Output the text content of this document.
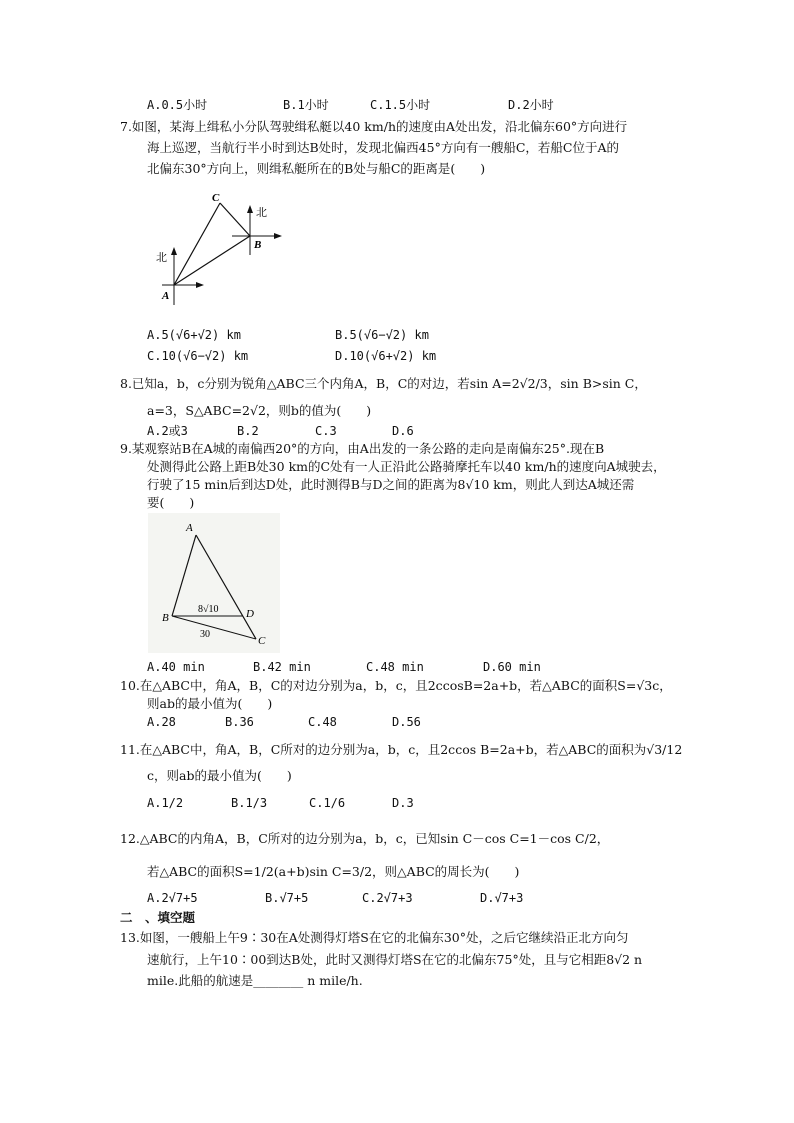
A.0.5小时	B.1小时	C.1.5小时	D.2小时
7.如图，某海上缉私小分队驾驶缉私艇以40 km/h的速度由A处出发，沿北偏东60°方向进行
海上巡逻，当航行半小时到达B处时，发现北偏西45°方向有一艘船C，若船C位于A的
北偏东30°方向上，则缉私艇所在的B处与船C的距离是(　　)
C
B
A
北
北
A.5(√6+√2) km	B.5(√6−√2) km
C.10(√6−√2) km	D.10(√6+√2) km
8.已知a，b，c分别为锐角△ABC三个内角A，B，C的对边，若sin A=2√2/3，sin B>sin C，
a=3，S△ABC=2√2，则b的值为(　　)
A.2或3	B.2	C.3	D.6
9.某观察站B在A城的南偏西20°的方向，由A出发的一条公路的走向是南偏东25°.现在B
处测得此公路上距B处30 km的C处有一人正沿此公路骑摩托车以40 km/h的速度向A城驶去，
行驶了15 min后到达D处，此时测得B与D之间的距离为8√10 km，则此人到达A城还需
要(　　)
A
B	D
C
8√10
30
A.40 min	B.42 min	C.48 min	D.60 min
10.在△ABC中，角A，B，C的对边分别为a，b，c，且2ccosB=2a+b，若△ABC的面积S=√3c，
则ab的最小值为(　　)
A.28	B.36	C.48	D.56
11.在△ABC中，角A，B，C所对的边分别为a，b，c，且2ccos B=2a+b，若△ABC的面积为√3/12
c，则ab的最小值为(　　)
A.1/2	B.1/3	C.1/6	D.3
12.△ABC的内角A，B，C所对的边分别为a，b，c，已知sin C－cos C=1－cos C/2，
若△ABC的面积S=1/2(a+b)sin C=3/2，则△ABC的周长为(　　)
A.2√7+5	B.√7+5	C.2√7+3	D.√7+3
二　、填空题
13.如图，一艘船上午9∶30在A处测得灯塔S在它的北偏东30°处，之后它继续沿正北方向匀
速航行，上午10∶00到达B处，此时又测得灯塔S在它的北偏东75°处，且与它相距8√2 n
mile.此船的航速是________ n mile/h.
